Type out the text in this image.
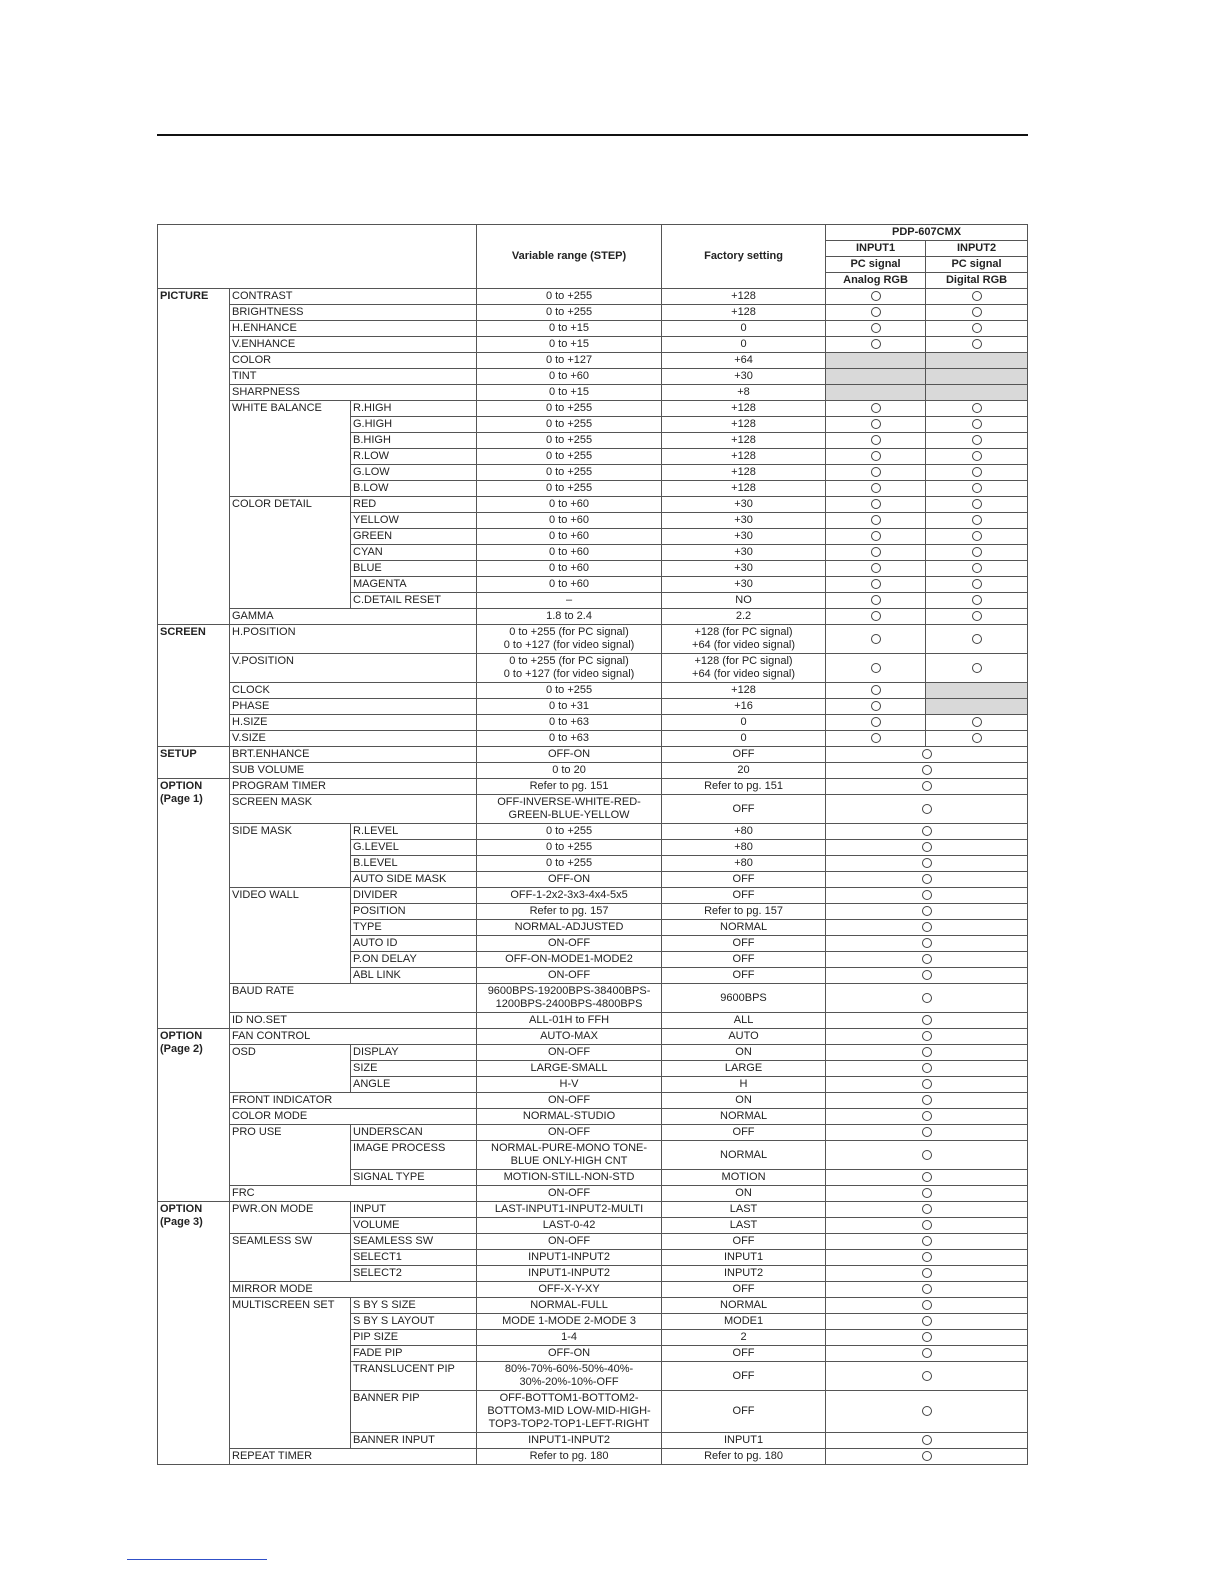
			Variable range (STEP)	Factory setting	PDP-607CMX	
					INPUT1	INPUT2
					PC signal	PC signal
					Analog RGB	Digital RGB
PICTURE	CONTRAST		0 to +255	+128		
	BRIGHTNESS		0 to +255	+128		
	H.ENHANCE		0 to +15	0		
	V.ENHANCE		0 to +15	0		
	COLOR		0 to +127	+64		
	TINT		0 to +60	+30		
	SHARPNESS		0 to +15	+8		
	WHITE BALANCE	R.HIGH	0 to +255	+128		
		G.HIGH	0 to +255	+128		
		B.HIGH	0 to +255	+128		
		R.LOW	0 to +255	+128		
		G.LOW	0 to +255	+128		
		B.LOW	0 to +255	+128		
	COLOR DETAIL	RED	0 to +60	+30		
		YELLOW	0 to +60	+30		
		GREEN	0 to +60	+30		
		CYAN	0 to +60	+30		
		BLUE	0 to +60	+30		
		MAGENTA	0 to +60	+30		
		C.DETAIL RESET	–	NO		
	GAMMA		1.8 to 2.4	2.2		
SCREEN	H.POSITION		0 to +255 (for PC signal)
0 to +127 (for video signal)	+128 (for PC signal)
+64 (for video signal)		
	V.POSITION		0 to +255 (for PC signal)
0 to +127 (for video signal)	+128 (for PC signal)
+64 (for video signal)		
	CLOCK		0 to +255	+128		
	PHASE		0 to +31	+16		
	H.SIZE		0 to +63	0		
	V.SIZE		0 to +63	0		
SETUP	BRT.ENHANCE		OFF-ON	OFF		
	SUB VOLUME		0 to 20	20		
OPTION
(Page 1)	PROGRAM TIMER		Refer to pg. 151	Refer to pg. 151		
	SCREEN MASK		OFF-INVERSE-WHITE-RED-
GREEN-BLUE-YELLOW	OFF		
	SIDE MASK	R.LEVEL	0 to +255	+80		
		G.LEVEL	0 to +255	+80		
		B.LEVEL	0 to +255	+80		
		AUTO SIDE MASK	OFF-ON	OFF		
	VIDEO WALL	DIVIDER	OFF-1-2x2-3x3-4x4-5x5	OFF		
		POSITION	Refer to pg. 157	Refer to pg. 157		
		TYPE	NORMAL-ADJUSTED	NORMAL		
		AUTO ID	ON-OFF	OFF		
		P.ON DELAY	OFF-ON-MODE1-MODE2	OFF		
		ABL LINK	ON-OFF	OFF		
	BAUD RATE		9600BPS-19200BPS-38400BPS-
1200BPS-2400BPS-4800BPS	9600BPS		
	ID NO.SET		ALL-01H to FFH	ALL		
OPTION
(Page 2)	FAN CONTROL		AUTO-MAX	AUTO		
	OSD	DISPLAY	ON-OFF	ON		
		SIZE	LARGE-SMALL	LARGE		
		ANGLE	H-V	H		
	FRONT INDICATOR		ON-OFF	ON		
	COLOR MODE		NORMAL-STUDIO	NORMAL		
	PRO USE	UNDERSCAN	ON-OFF	OFF		
		IMAGE PROCESS	NORMAL-PURE-MONO TONE-
BLUE ONLY-HIGH CNT	NORMAL		
		SIGNAL TYPE	MOTION-STILL-NON-STD	MOTION		
	FRC		ON-OFF	ON		
OPTION
(Page 3)	PWR.ON MODE	INPUT	LAST-INPUT1-INPUT2-MULTI	LAST		
		VOLUME	LAST-0-42	LAST		
	SEAMLESS SW	SEAMLESS SW	ON-OFF	OFF		
		SELECT1	INPUT1-INPUT2	INPUT1		
		SELECT2	INPUT1-INPUT2	INPUT2		
	MIRROR MODE		OFF-X-Y-XY	OFF		
	MULTISCREEN SET	S BY S SIZE	NORMAL-FULL	NORMAL		
		S BY S LAYOUT	MODE 1-MODE 2-MODE 3	MODE1		
		PIP SIZE	1-4	2		
		FADE PIP	OFF-ON	OFF		
		TRANSLUCENT PIP	80%-70%-60%-50%-40%-
30%-20%-10%-OFF	OFF		
		BANNER PIP	OFF-BOTTOM1-BOTTOM2-
BOTTOM3-MID LOW-MID-HIGH-
TOP3-TOP2-TOP1-LEFT-RIGHT	OFF		
		BANNER INPUT	INPUT1-INPUT2	INPUT1		
	REPEAT TIMER		Refer to pg. 180	Refer to pg. 180		
